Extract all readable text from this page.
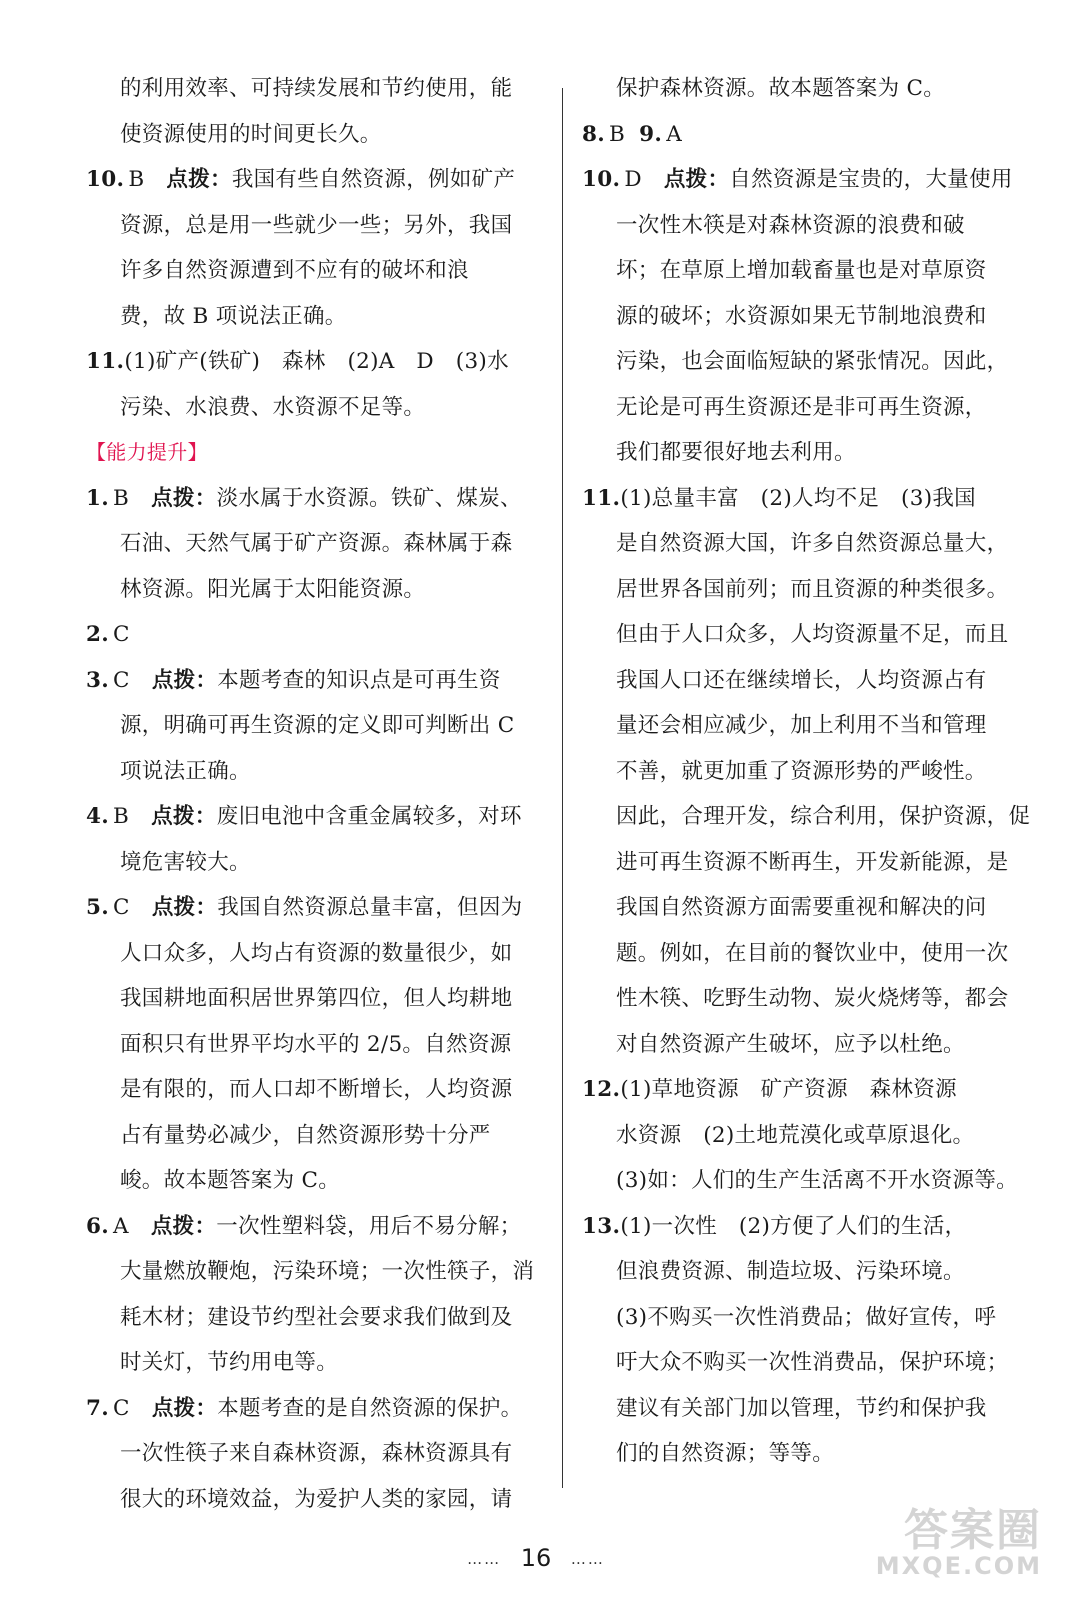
的利用效率、可持续发展和节约使用，能
使资源使用的时间更长久。
10. B 点拨：我国有些自然资源，例如矿产
资源，总是用一些就少一些；另外，我国
许多自然资源遭到不应有的破坏和浪
费，故 B 项说法正确。
11.(1)矿产(铁矿)　森林　(2)A　D　(3)水
污染、水浪费、水资源不足等。
【能力提升】
1. B 点拨：淡水属于水资源。铁矿、煤炭、
石油、天然气属于矿产资源。森林属于森
林资源。阳光属于太阳能资源。
2. C
3. C 点拨：本题考查的知识点是可再生资
源，明确可再生资源的定义即可判断出 C
项说法正确。
4. B 点拨：废旧电池中含重金属较多，对环
境危害较大。
5. C 点拨：我国自然资源总量丰富，但因为
人口众多，人均占有资源的数量很少，如
我国耕地面积居世界第四位，但人均耕地
面积只有世界平均水平的 2/5。自然资源
是有限的，而人口却不断增长，人均资源
占有量势必减少，自然资源形势十分严
峻。故本题答案为 C。
6. A 点拨：一次性塑料袋，用后不易分解；
大量燃放鞭炮，污染环境；一次性筷子，消
耗木材；建设节约型社会要求我们做到及
时关灯，节约用电等。
7. C 点拨：本题考查的是自然资源的保护。
一次性筷子来自森林资源，森林资源具有
很大的环境效益，为爱护人类的家园，请
保护森林资源。故本题答案为 C。
8. B 9. A
10. D 点拨：自然资源是宝贵的，大量使用
一次性木筷是对森林资源的浪费和破
坏；在草原上增加载畜量也是对草原资
源的破坏；水资源如果无节制地浪费和
污染，也会面临短缺的紧张情况。因此，
无论是可再生资源还是非可再生资源，
我们都要很好地去利用。
11.(1)总量丰富　(2)人均不足　(3)我国
是自然资源大国，许多自然资源总量大，
居世界各国前列；而且资源的种类很多。
但由于人口众多，人均资源量不足，而且
我国人口还在继续增长，人均资源占有
量还会相应减少，加上利用不当和管理
不善，就更加重了资源形势的严峻性。
因此，合理开发，综合利用，保护资源，促
进可再生资源不断再生，开发新能源，是
我国自然资源方面需要重视和解决的问
题。例如，在目前的餐饮业中，使用一次
性木筷、吃野生动物、炭火烧烤等，都会
对自然资源产生破坏，应予以杜绝。
12.(1)草地资源　矿产资源　森林资源
水资源　(2)土地荒漠化或草原退化。
(3)如：人们的生产生活离不开水资源等。
13.(1)一次性　(2)方便了人们的生活，
但浪费资源、制造垃圾、污染环境。
(3)不购买一次性消费品；做好宣传，呼
吁大众不购买一次性消费品，保护环境；
建议有关部门加以管理，节约和保护我
们的自然资源；等等。
…… 16 ……
答案圈
MXQE.COM
